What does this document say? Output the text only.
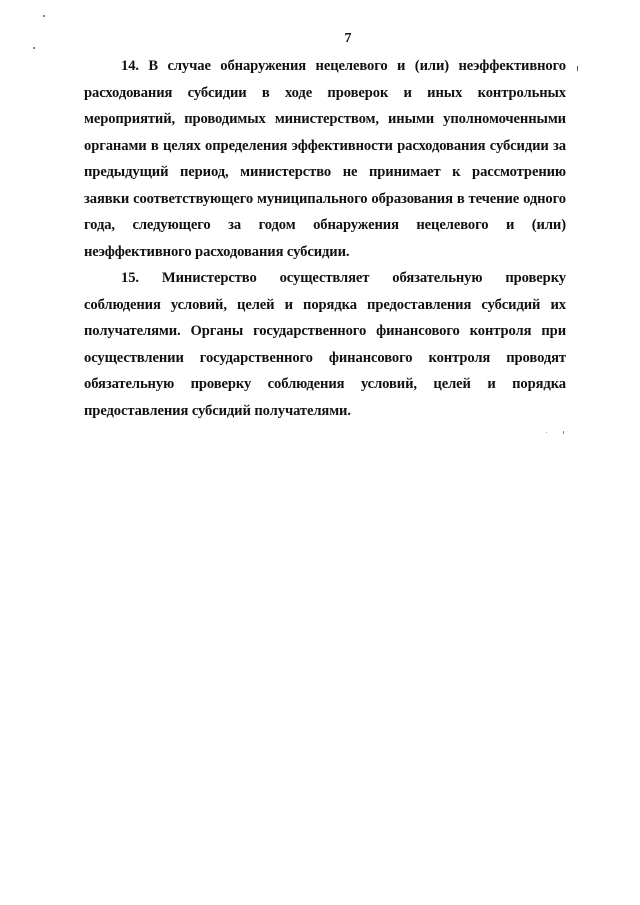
7

14. В случае обнаружения нецелевого и (или) неэффективного расходования субсидии в ходе проверок и иных контрольных мероприятий, проводимых министерством, иными уполномоченными органами в целях определения эффективности расходования субсидии за предыдущий период, министерство не принимает к рассмотрению заявки соответствующего муниципального образования в течение одного года, следующего за годом обнаружения нецелевого и (или) неэффективного расходования субсидии.

15. Министерство осуществляет обязательную проверку соблюдения условий, целей и порядка предоставления субсидий их получателями. Органы государственного финансового контроля при осуществлении государственного финансового контроля проводят обязательную проверку соблюдения условий, целей и порядка предоставления субсидий получателями.
